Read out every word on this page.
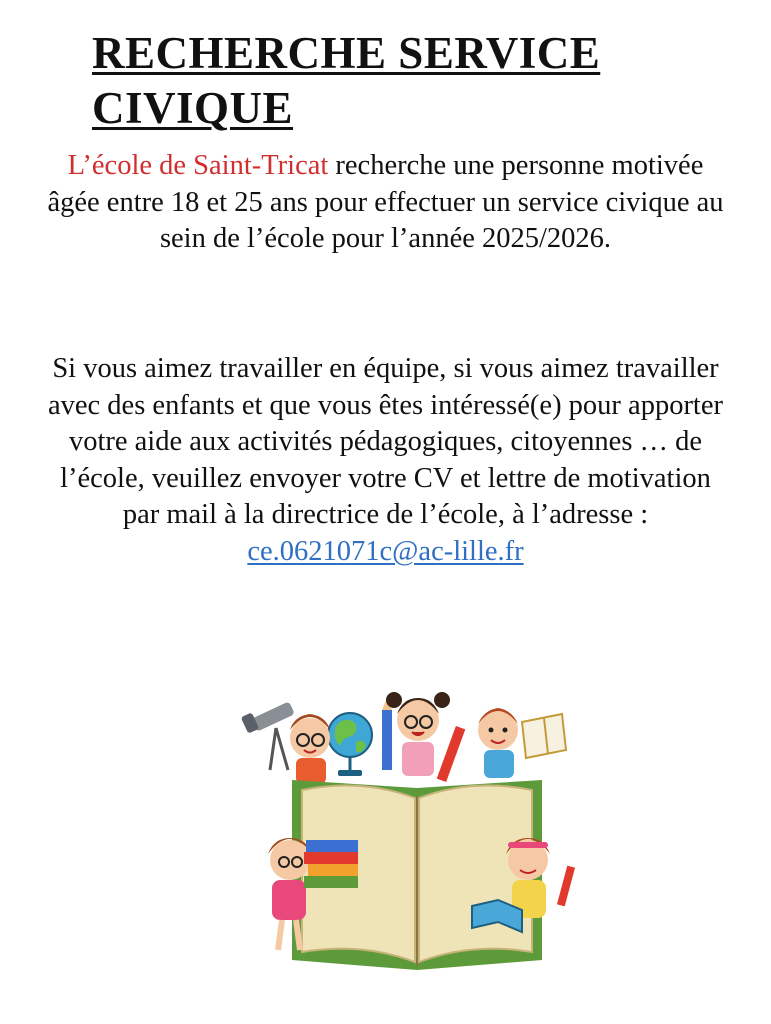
RECHERCHE SERVICE
CIVIQUE

L’école de Saint-Tricat recherche une personne motivée âgée entre 18 et 25 ans pour effectuer un service civique au sein de l’école pour l’année 2025/2026.

Si vous aimez travailler en équipe, si vous aimez travailler avec des enfants et que vous êtes intéressé(e) pour apporter votre aide aux activités pédagogiques, citoyennes … de l’école, veuillez envoyer votre CV et lettre de motivation par mail à la directrice de l’école, à l’adresse : ce.0621071c@ac-lille.fr
